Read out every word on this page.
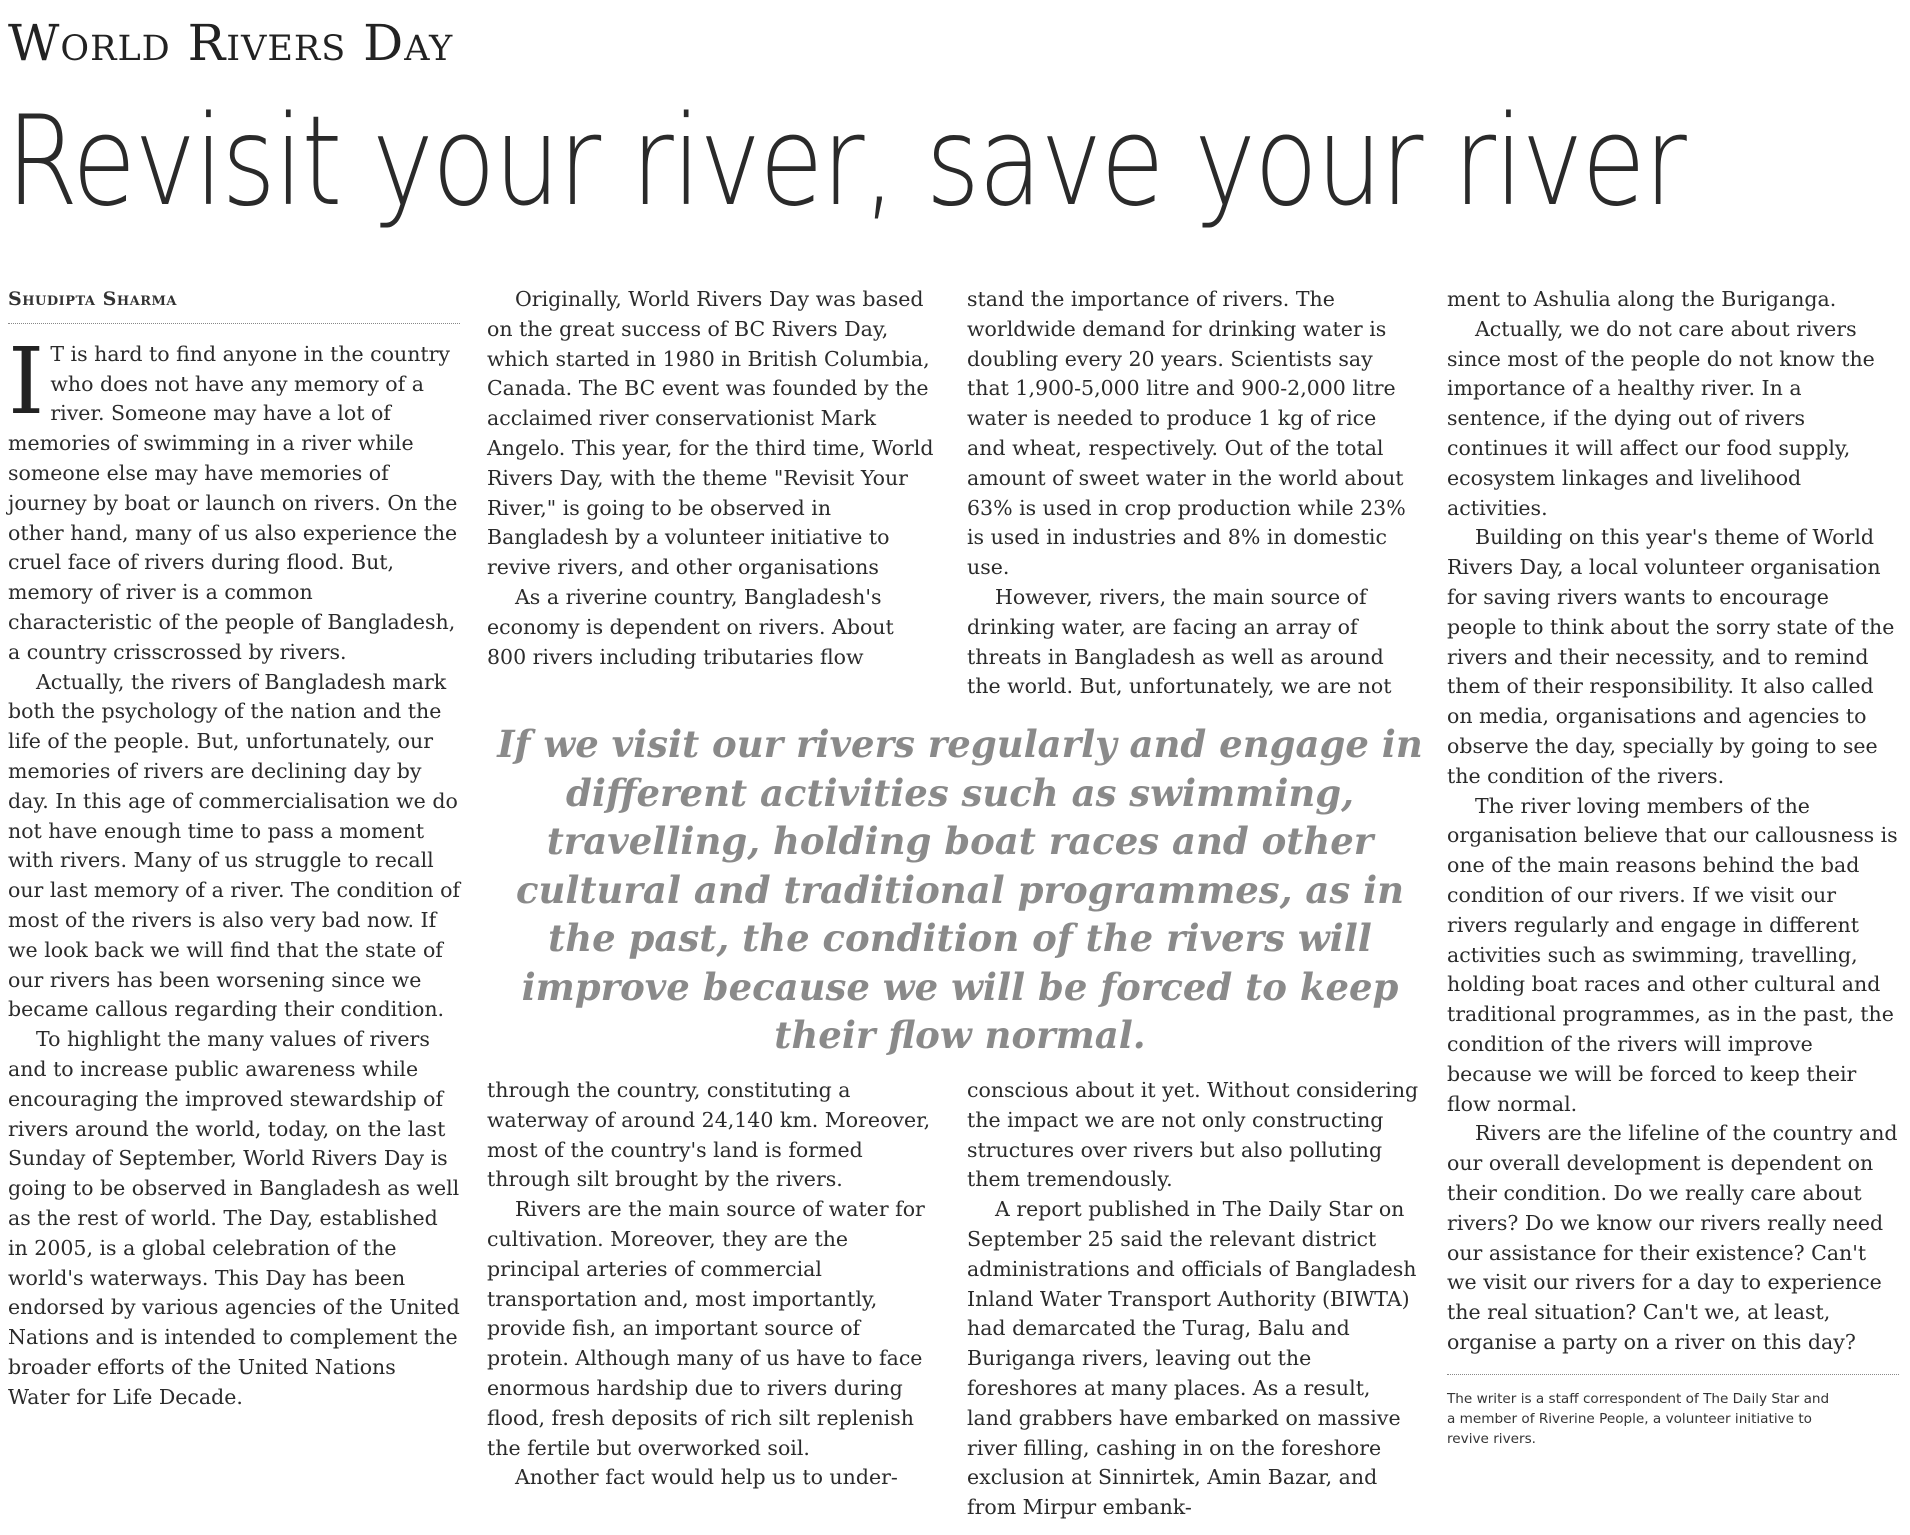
World Rivers Day
Revisit your river, save your river
Shudipta Sharma

I T is hard to find anyone in the country who does not have any memory of a river. Someone may have a lot of memories of swimming in a river while someone else may have memories of journey by boat or launch on rivers. On the other hand, many of us also experience the cruel face of rivers during flood. But, memory of river is a common characteristic of the people of Bangladesh, a country crisscrossed by rivers.

Actually, the rivers of Bangladesh mark both the psychology of the nation and the life of the people. But, unfortunately, our memories of rivers are declining day by day. In this age of commercialisation we do not have enough time to pass a moment with rivers. Many of us struggle to recall our last memory of a river. The condition of most of the rivers is also very bad now. If we look back we will find that the state of our rivers has been worsening since we became callous regarding their condition.

To highlight the many values of rivers and to increase public awareness while encouraging the improved stewardship of rivers around the world, today, on the last Sunday of September, World Rivers Day is going to be observed in Bangladesh as well as the rest of world. The Day, established in 2005, is a global celebration of the world's waterways. This Day has been endorsed by various agencies of the United Nations and is intended to complement the broader efforts of the United Nations Water for Life Decade.

Originally, World Rivers Day was based on the great success of BC Rivers Day, which started in 1980 in British Columbia, Canada. The BC event was founded by the acclaimed river conservationist Mark Angelo. This year, for the third time, World Rivers Day, with the theme "Revisit Your River," is going to be observed in Bangladesh by a volunteer initiative to revive rivers, and other organisations

As a riverine country, Bangladesh's economy is dependent on rivers. About 800 rivers including tributaries flow

stand the importance of rivers. The worldwide demand for drinking water is doubling every 20 years. Scientists say that 1,900-5,000 litre and 900-2,000 litre water is needed to produce 1 kg of rice and wheat, respectively. Out of the total amount of sweet water in the world about 63% is used in crop production while 23% is used in industries and 8% in domestic use.

However, rivers, the main source of drinking water, are facing an array of threats in Bangladesh as well as around the world. But, unfortunately, we are not

If we visit our rivers regularly and engage in different activities such as swimming, travelling, holding boat races and other cultural and traditional programmes, as in the past, the condition of the rivers will improve because we will be forced to keep their flow normal.

through the country, constituting a waterway of around 24,140 km. Moreover, most of the country's land is formed through silt brought by the rivers.

Rivers are the main source of water for cultivation. Moreover, they are the principal arteries of commercial transportation and, most importantly, provide fish, an important source of protein. Although many of us have to face enormous hardship due to rivers during flood, fresh deposits of rich silt replenish the fertile but overworked soil.

Another fact would help us to under-

conscious about it yet. Without considering the impact we are not only constructing structures over rivers but also polluting them tremendously.

A report published in The Daily Star on September 25 said the relevant district administrations and officials of Bangladesh Inland Water Transport Authority (BIWTA) had demarcated the Turag, Balu and Buriganga rivers, leaving out the foreshores at many places. As a result, land grabbers have embarked on massive river filling, cashing in on the foreshore exclusion at Sinnirtek, Amin Bazar, and from Mirpur embank-

ment to Ashulia along the Buriganga.

Actually, we do not care about rivers since most of the people do not know the importance of a healthy river. In a sentence, if the dying out of rivers continues it will affect our food supply, ecosystem linkages and livelihood activities.

Building on this year's theme of World Rivers Day, a local volunteer organisation for saving rivers wants to encourage people to think about the sorry state of the rivers and their necessity, and to remind them of their responsibility. It also called on media, organisations and agencies to observe the day, specially by going to see the condition of the rivers.

The river loving members of the organisation believe that our callousness is one of the main reasons behind the bad condition of our rivers. If we visit our rivers regularly and engage in different activities such as swimming, travelling, holding boat races and other cultural and traditional programmes, as in the past, the condition of the rivers will improve because we will be forced to keep their flow normal.

Rivers are the lifeline of the country and our overall development is dependent on their condition. Do we really care about rivers? Do we know our rivers really need our assistance for their existence? Can't we visit our rivers for a day to experience the real situation? Can't we, at least, organise a party on a river on this day?

The writer is a staff correspondent of The Daily Star and
a member of Riverine People, a volunteer initiative to
revive rivers.
